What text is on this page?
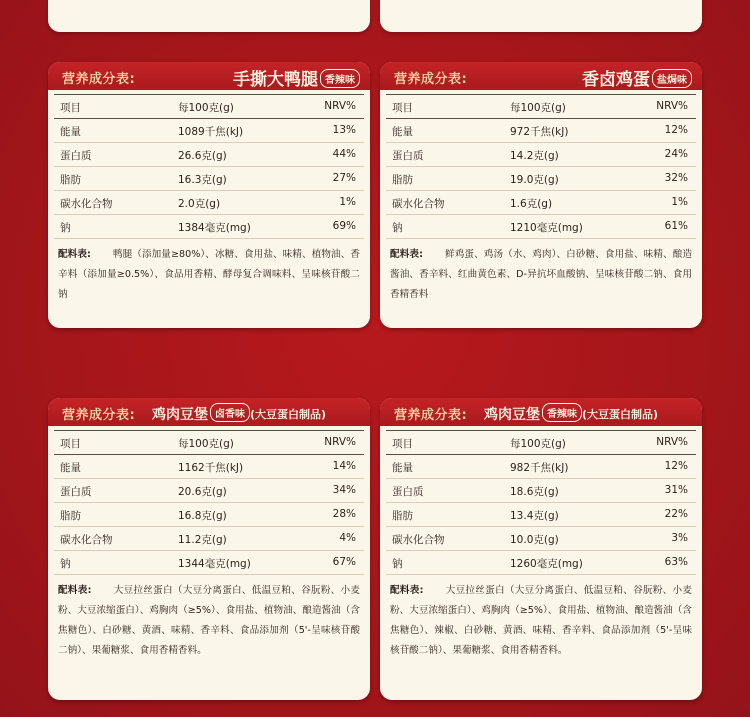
营养成分表:	手撕大鸭腿 香辣味
项目	每100克(g)	NRV%
能量	1089千焦(kJ)	13%
蛋白质	26.6克(g)	44%
脂肪	16.3克(g)	27%
碳水化合物	2.0克(g)	1%
钠	1384毫克(mg)	69%
配料表: 鸭腿（添加量≥80%）、冰糖、食用盐、味精、植物油、香辛料（添加量≥0.5%）、食品用香精、酵母复合调味料、呈味核苷酸二钠
营养成分表:	香卤鸡蛋 盐焗味
项目	每100克(g)	NRV%
能量	972千焦(kJ)	12%
蛋白质	14.2克(g)	24%
脂肪	19.0克(g)	32%
碳水化合物	1.6克(g)	1%
钠	1210毫克(mg)	61%
配料表: 鲜鸡蛋、鸡汤（水、鸡肉）、白砂糖、食用盐、味精、酿造酱油、香辛料、红曲黄色素、D-异抗坏血酸钠、呈味核苷酸二钠、食用香精香料
营养成分表: 鸡肉豆堡 卤香味 (大豆蛋白制品)
项目	每100克(g)	NRV%
能量	1162千焦(kJ)	14%
蛋白质	20.6克(g)	34%
脂肪	16.8克(g)	28%
碳水化合物	11.2克(g)	4%
钠	1344毫克(mg)	67%
配料表: 大豆拉丝蛋白（大豆分离蛋白、低温豆粕、谷朊粉、小麦粉、大豆浓缩蛋白）、鸡胸肉（≥5%）、食用盐、植物油、酿造酱油（含焦糖色）、白砂糖、黄酒、味精、香辛料、食品添加剂（5'-呈味核苷酸二钠）、果葡糖浆、食用香精香料。
营养成分表: 鸡肉豆堡 香辣味 (大豆蛋白制品)
项目	每100克(g)	NRV%
能量	982千焦(kJ)	12%
蛋白质	18.6克(g)	31%
脂肪	13.4克(g)	22%
碳水化合物	10.0克(g)	3%
钠	1260毫克(mg)	63%
配料表: 大豆拉丝蛋白（大豆分离蛋白、低温豆粕、谷朊粉、小麦粉、大豆浓缩蛋白）、鸡胸肉（≥5%）、食用盐、植物油、酿造酱油（含焦糖色）、辣椒、白砂糖、黄酒、味精、香辛料、食品添加剂（5'-呈味核苷酸二钠）、果葡糖浆、食用香精香料。
